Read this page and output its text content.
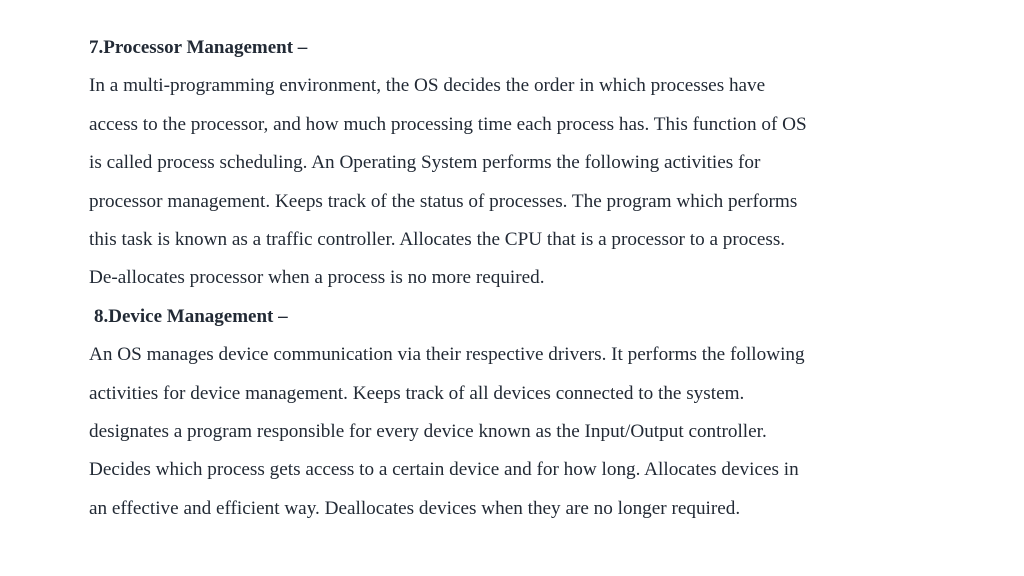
7.Processor Management –
In a multi-programming environment, the OS decides the order in which processes have
access to the processor, and how much processing time each process has. This function of OS
is called process scheduling. An Operating System performs the following activities for
processor management. Keeps track of the status of processes. The program which performs
this task is known as a traffic controller. Allocates the CPU that is a processor to a process.
De-allocates processor when a process is no more required.
8.Device Management –
An OS manages device communication via their respective drivers. It performs the following
activities for device management. Keeps track of all devices connected to the system.
designates a program responsible for every device known as the Input/Output controller.
Decides which process gets access to a certain device and for how long. Allocates devices in
an effective and efficient way. Deallocates devices when they are no longer required.
